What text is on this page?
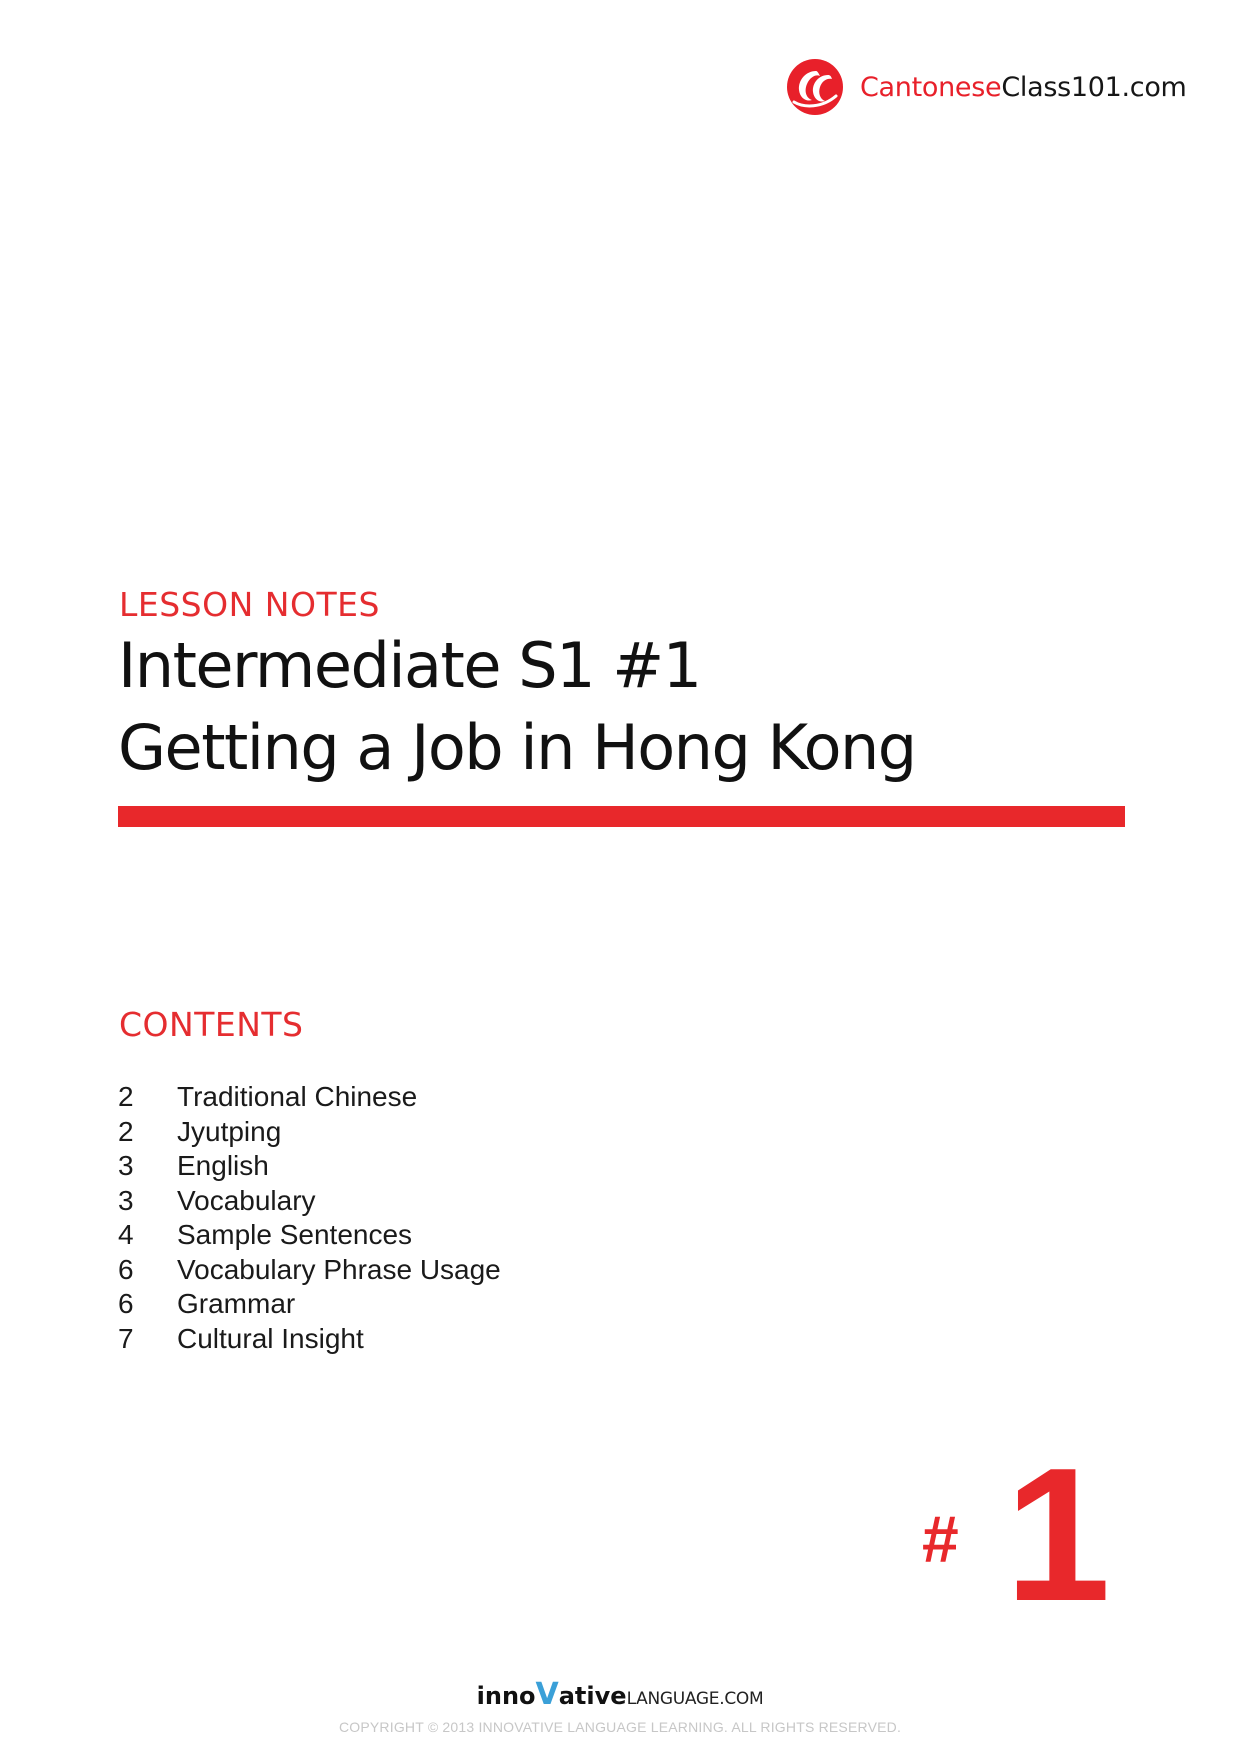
CantoneseClass101.com
LESSON NOTES
Intermediate S1 #1
Getting a Job in Hong Kong
CONTENTS
2	Traditional Chinese
2	Jyutping
3	English
3	Vocabulary
4	Sample Sentences
6	Vocabulary Phrase Usage
6	Grammar
7	Cultural Insight
# 1
innoVativeLANGUAGE.COM
COPYRIGHT © 2013 INNOVATIVE LANGUAGE LEARNING. ALL RIGHTS RESERVED.
